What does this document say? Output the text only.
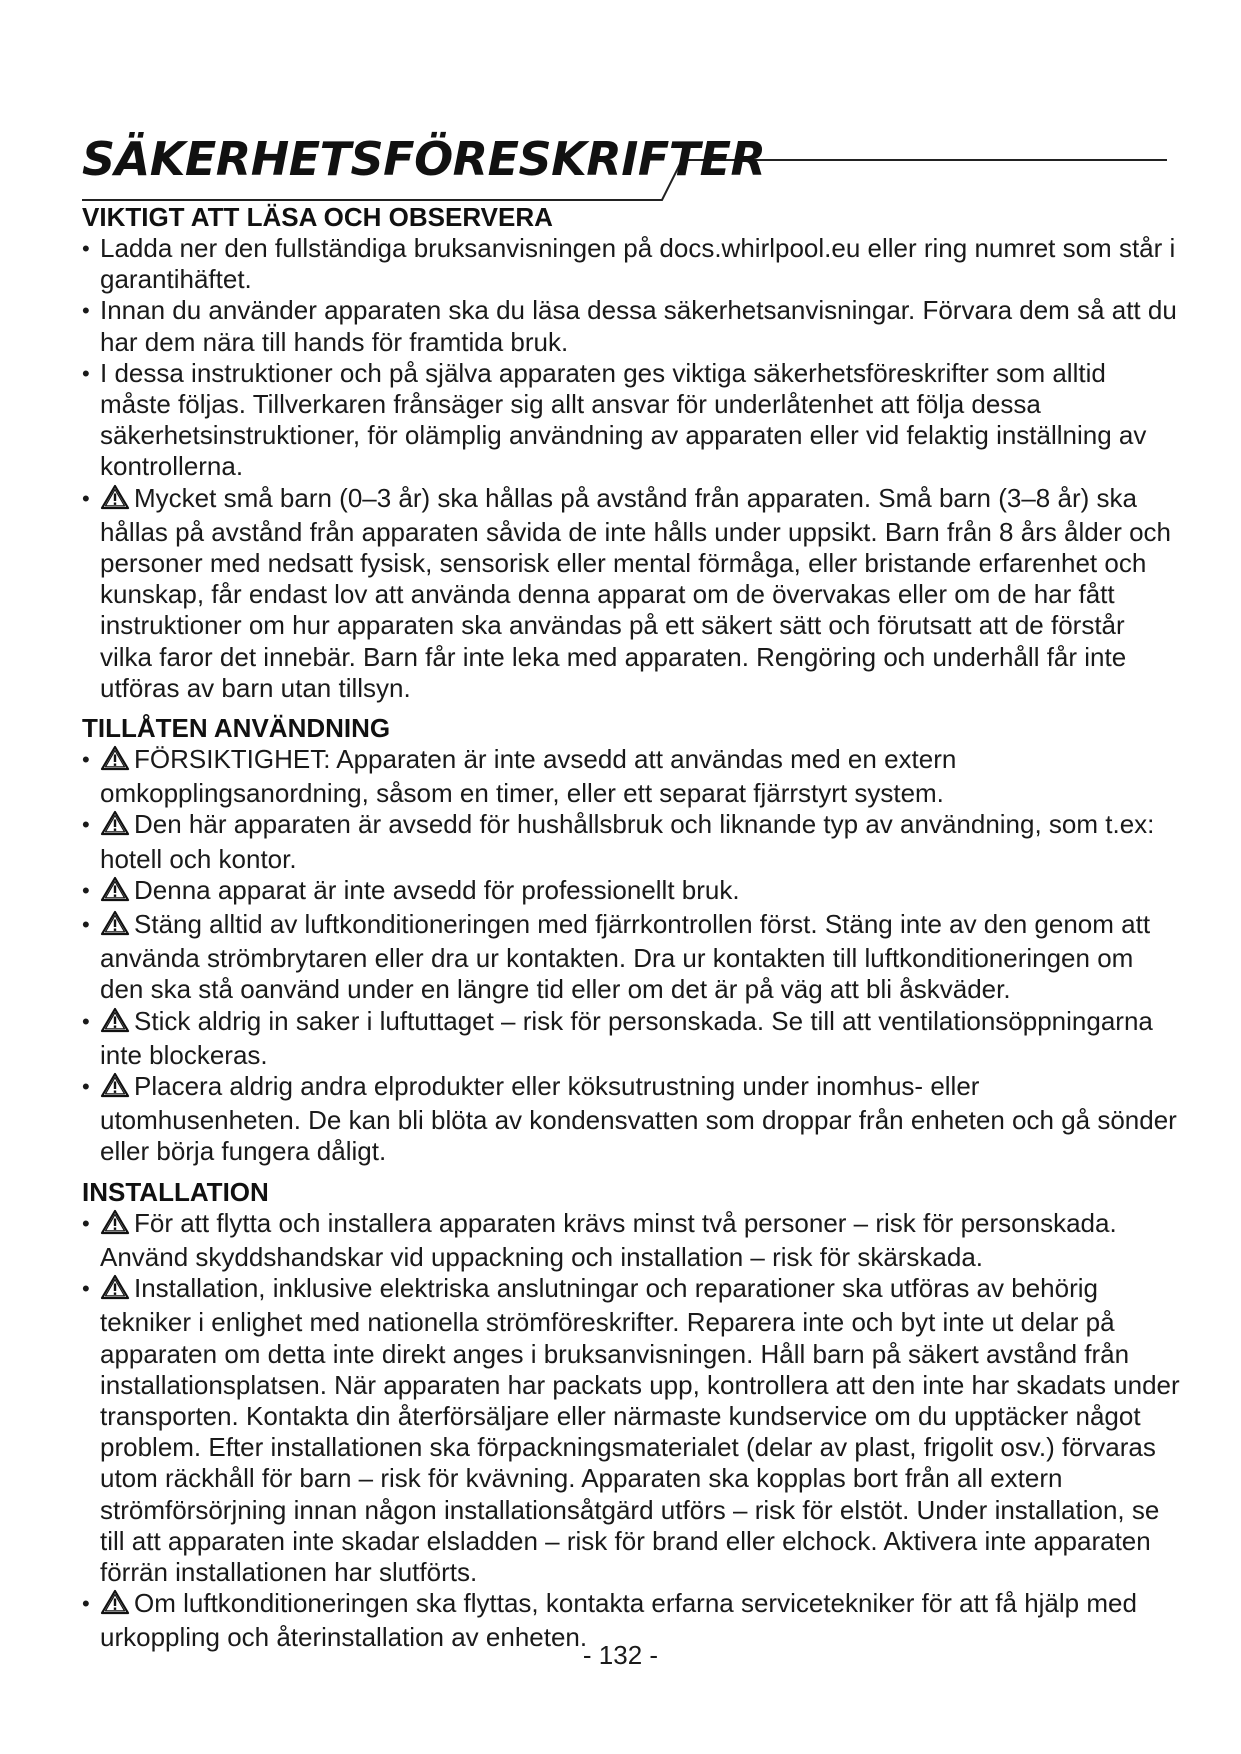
SÄKERHETSFÖRESKRIFTER
VIKTIGT ATT LÄSA OCH OBSERVERA
• Ladda ner den fullständiga bruksanvisningen på docs.whirlpool.eu eller ring numret som står i garantihäftet.
• Innan du använder apparaten ska du läsa dessa säkerhetsanvisningar. Förvara dem så att du har dem nära till hands för framtida bruk.
• I dessa instruktioner och på själva apparaten ges viktiga säkerhetsföreskrifter som alltid måste följas. Tillverkaren frånsäger sig allt ansvar för underlåtenhet att följa dessa säkerhetsinstruktioner, för olämplig användning av apparaten eller vid felaktig inställning av kontrollerna.
• Mycket små barn (0–3 år) ska hållas på avstånd från apparaten. Små barn (3–8 år) ska hållas på avstånd från apparaten såvida de inte hålls under uppsikt. Barn från 8 års ålder och personer med nedsatt fysisk, sensorisk eller mental förmåga, eller bristande erfarenhet och kunskap, får endast lov att använda denna apparat om de övervakas eller om de har fått instruktioner om hur apparaten ska användas på ett säkert sätt och förutsatt att de förstår vilka faror det innebär. Barn får inte leka med apparaten. Rengöring och underhåll får inte utföras av barn utan tillsyn.
TILLÅTEN ANVÄNDNING
• FÖRSIKTIGHET: Apparaten är inte avsedd att användas med en extern omkopplingsanordning, såsom en timer, eller ett separat fjärrstyrt system.
• Den här apparaten är avsedd för hushållsbruk och liknande typ av användning, som t.ex: hotell och kontor.
• Denna apparat är inte avsedd för professionellt bruk.
• Stäng alltid av luftkonditioneringen med fjärrkontrollen först. Stäng inte av den genom att använda strömbrytaren eller dra ur kontakten. Dra ur kontakten till luftkonditioneringen om den ska stå oanvänd under en längre tid eller om det är på väg att bli åskväder.
• Stick aldrig in saker i luftuttaget – risk för personskada. Se till att ventilationsöppningarna inte blockeras.
• Placera aldrig andra elprodukter eller köksutrustning under inomhus- eller utomhusenheten. De kan bli blöta av kondensvatten som droppar från enheten och gå sönder eller börja fungera dåligt.
INSTALLATION
• För att flytta och installera apparaten krävs minst två personer – risk för personskada. Använd skyddshandskar vid uppackning och installation – risk för skärskada.
• Installation, inklusive elektriska anslutningar och reparationer ska utföras av behörig tekniker i enlighet med nationella strömföreskrifter. Reparera inte och byt inte ut delar på apparaten om detta inte direkt anges i bruksanvisningen. Håll barn på säkert avstånd från installationsplatsen. När apparaten har packats upp, kontrollera att den inte har skadats under transporten. Kontakta din återförsäljare eller närmaste kundservice om du upptäcker något problem. Efter installationen ska förpackningsmaterialet (delar av plast, frigolit osv.) förvaras utom räckhåll för barn – risk för kvävning. Apparaten ska kopplas bort från all extern strömförsörjning innan någon installationsåtgärd utförs – risk för elstöt. Under installation, se till att apparaten inte skadar elsladden – risk för brand eller elchock. Aktivera inte apparaten förrän installationen har slutförts.
• Om luftkonditioneringen ska flyttas, kontakta erfarna servicetekniker för att få hjälp med urkoppling och återinstallation av enheten.
- 132 -
